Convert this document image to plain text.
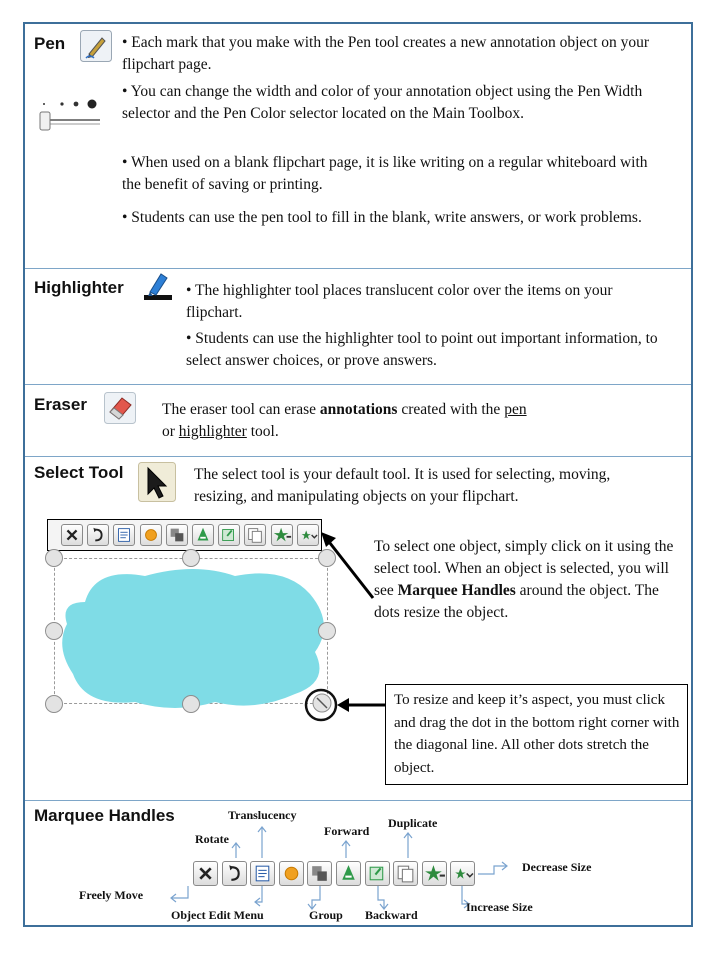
Pen	• Each mark that you make with the Pen tool creates a new annotation object on your flipchart page.
• You can change the width and color of your annotation object using the Pen Width selector and the Pen Color selector located on the Main Toolbox.
• When used on a blank flipchart page, it is like writing on a regular whiteboard with the benefit of saving or printing.
• Students can use the pen tool to fill in the blank, write answers, or work problems.
Highlighter	• The highlighter tool places translucent color over the items on your flipchart.
• Students can use the highlighter tool to point out important information, to select answer choices, or prove answers.
Eraser	The eraser tool can erase annotations created with the pen
or highlighter tool.
Select Tool	The select tool is your default tool. It is used for selecting, moving, resizing, and manipulating objects on your flipchart.
To select one object, simply click on it using the select tool. When an object is selected, you will see Marquee Handles around the object. The dots resize the object.
To resize and keep it’s aspect, you must click and drag the dot in the bottom right corner with the diagonal line. All other dots stretch the object.
Marquee Handles	Translucency
Rotate
Forward
Duplicate
Decrease Size
Freely Move
Increase Size
Object Edit Menu	Group Backward
